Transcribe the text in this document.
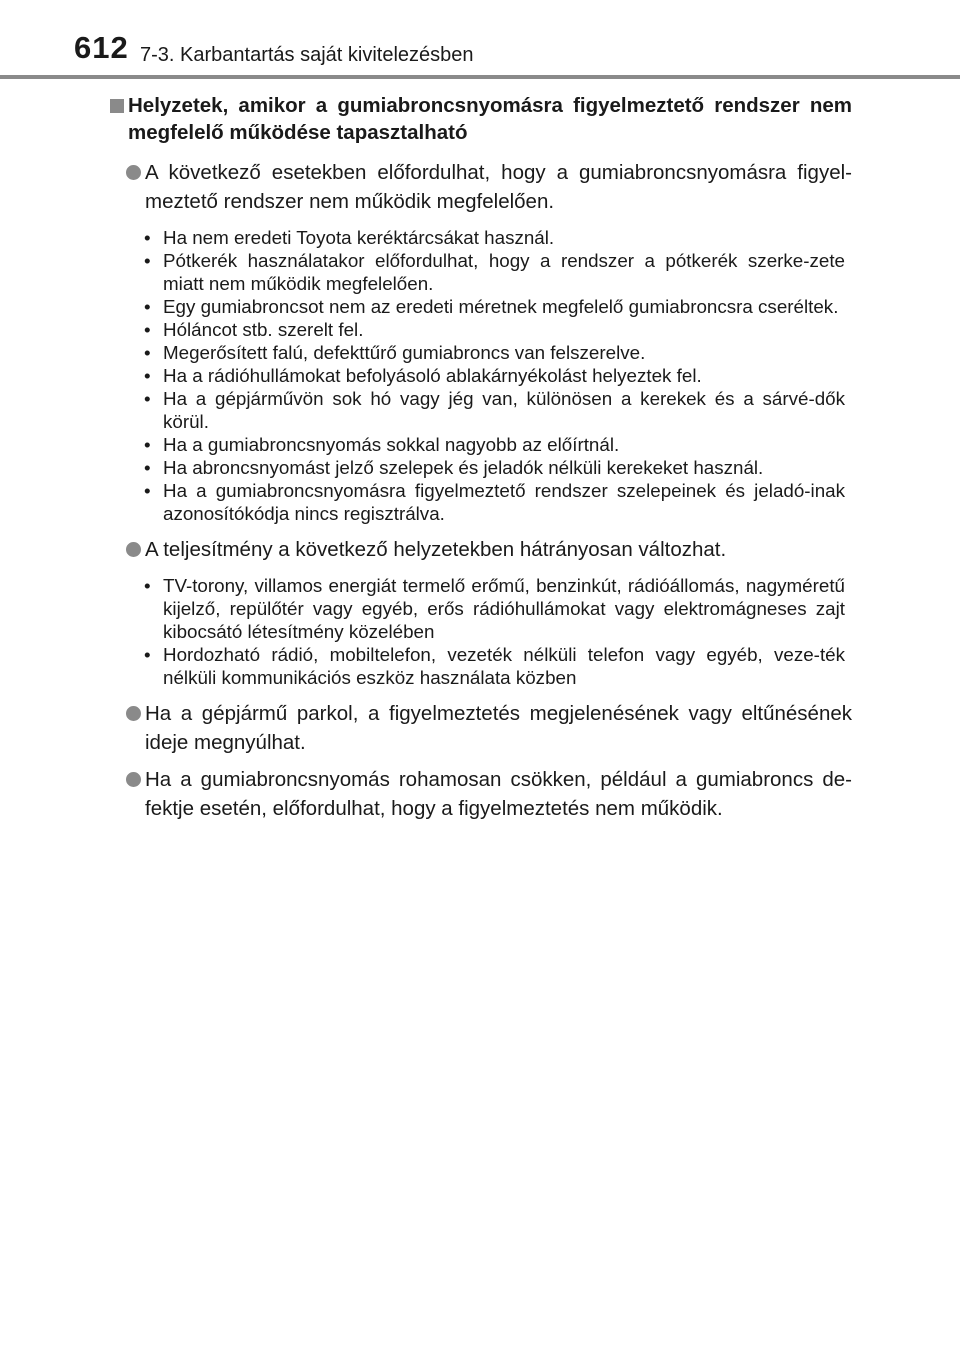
612 7-3. Karbantartás saját kivitelezésben
Helyzetek, amikor a gumiabroncsnyomásra figyelmeztető rendszer nem megfelelő működése tapasztalható

A következő esetekben előfordulhat, hogy a gumiabroncsnyomásra figyel-meztető rendszer nem működik megfelelően.

• Ha nem eredeti Toyota keréktárcsákat használ.
• Pótkerék használatakor előfordulhat, hogy a rendszer a pótkerék szerke-zete miatt nem működik megfelelően.
• Egy gumiabroncsot nem az eredeti méretnek megfelelő gumiabroncsra cseréltek.
• Hóláncot stb. szerelt fel.
• Megerősített falú, defekttűrő gumiabroncs van felszerelve.
• Ha a rádióhullámokat befolyásoló ablakárnyékolást helyeztek fel.
• Ha a gépjárművön sok hó vagy jég van, különösen a kerekek és a sárvé-dők körül.
• Ha a gumiabroncsnyomás sokkal nagyobb az előírtnál.
• Ha abroncsnyomást jelző szelepek és jeladók nélküli kerekeket használ.
• Ha a gumiabroncsnyomásra figyelmeztető rendszer szelepeinek és jeladó-inak azonosítókódja nincs regisztrálva.

A teljesítmény a következő helyzetekben hátrányosan változhat.

• TV-torony, villamos energiát termelő erőmű, benzinkút, rádióállomás, nagyméretű kijelző, repülőtér vagy egyéb, erős rádióhullámokat vagy elektromágneses zajt kibocsátó létesítmény közelében
• Hordozható rádió, mobiltelefon, vezeték nélküli telefon vagy egyéb, veze-ték nélküli kommunikációs eszköz használata közben

Ha a gépjármű parkol, a figyelmeztetés megjelenésének vagy eltűnésének ideje megnyúlhat.

Ha a gumiabroncsnyomás rohamosan csökken, például a gumiabroncs de-fektje esetén, előfordulhat, hogy a figyelmeztetés nem működik.
